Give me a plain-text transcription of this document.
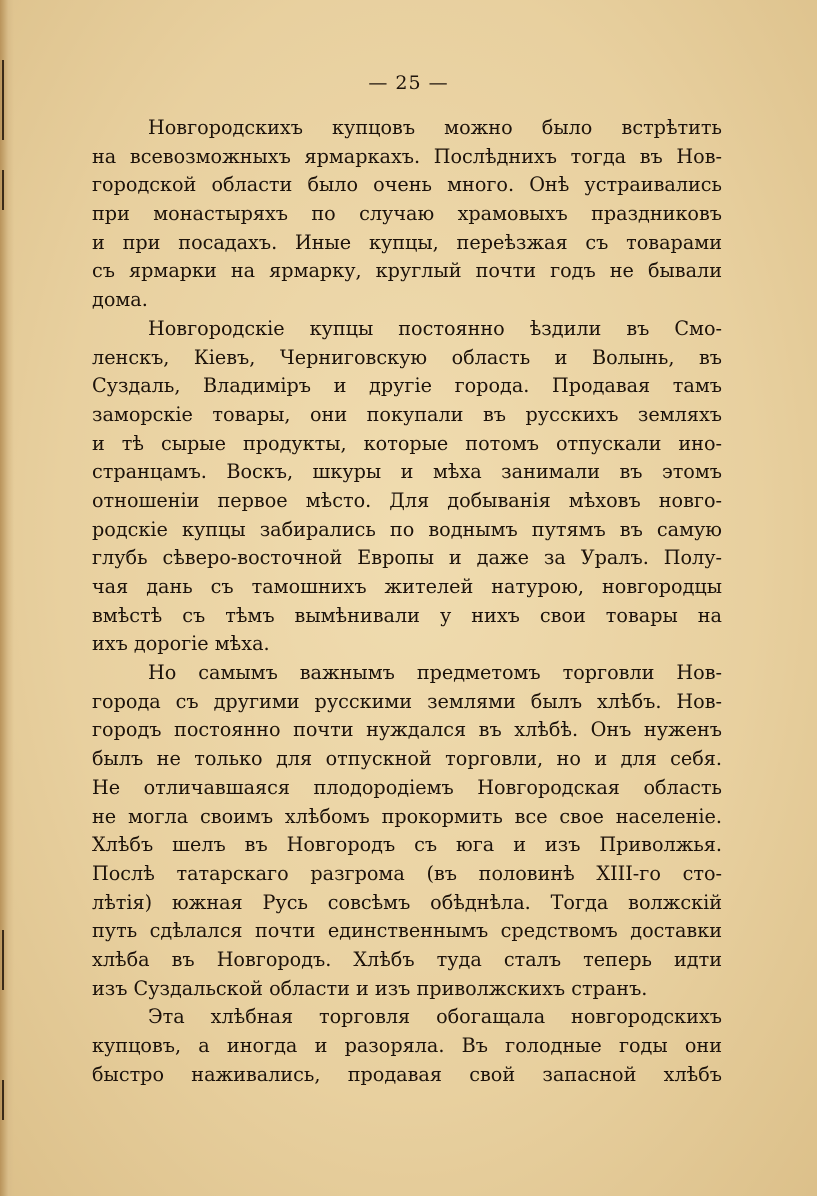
— 25 —
Новгородскихъ купцовъ можно было встрѣтить
на всевозможныхъ ярмаркахъ. Послѣднихъ тогда въ Нов-
городской области было очень много. Онѣ устраивались
при монастыряхъ по случаю храмовыхъ праздниковъ
и при посадахъ. Иные купцы, переѣзжая съ товарами
съ ярмарки на ярмарку, круглый почти годъ не бывали
дома.
Новгородскіе купцы постоянно ѣздили въ Смо-
ленскъ, Кіевъ, Черниговскую область и Волынь, въ
Суздаль, Владиміръ и другіе города. Продавая тамъ
заморскіе товары, они покупали въ русскихъ земляхъ
и тѣ сырые продукты, которые потомъ отпускали ино-
странцамъ. Воскъ, шкуры и мѣха занимали въ этомъ
отношеніи первое мѣсто. Для добыванія мѣховъ новго-
родскіе купцы забирались по воднымъ путямъ въ самую
глубь сѣверо-восточной Европы и даже за Уралъ. Полу-
чая дань съ тамошнихъ жителей натурою, новгородцы
вмѣстѣ съ тѣмъ вымѣнивали у нихъ свои товары на
ихъ дорогіе мѣха.
Но самымъ важнымъ предметомъ торговли Нов-
города съ другими русскими землями былъ хлѣбъ. Нов-
городъ постоянно почти нуждался въ хлѣбѣ. Онъ нуженъ
былъ не только для отпускной торговли, но и для себя.
Не отличавшаяся плодородіемъ Новгородская область
не могла своимъ хлѣбомъ прокормить все свое населеніе.
Хлѣбъ шелъ въ Новгородъ съ юга и изъ Приволжья.
Послѣ татарскаго разгрома (въ половинѣ XIII-го сто-
лѣтія) южная Русь совсѣмъ обѣднѣла. Тогда волжскій
путь сдѣлался почти единственнымъ средствомъ доставки
хлѣба въ Новгородъ. Хлѣбъ туда сталъ теперь идти
изъ Суздальской области и изъ приволжскихъ странъ.
Эта хлѣбная торговля обогащала новгородскихъ
купцовъ, а иногда и разоряла. Въ голодные годы они
быстро наживались, продавая свой запасной хлѣбъ
